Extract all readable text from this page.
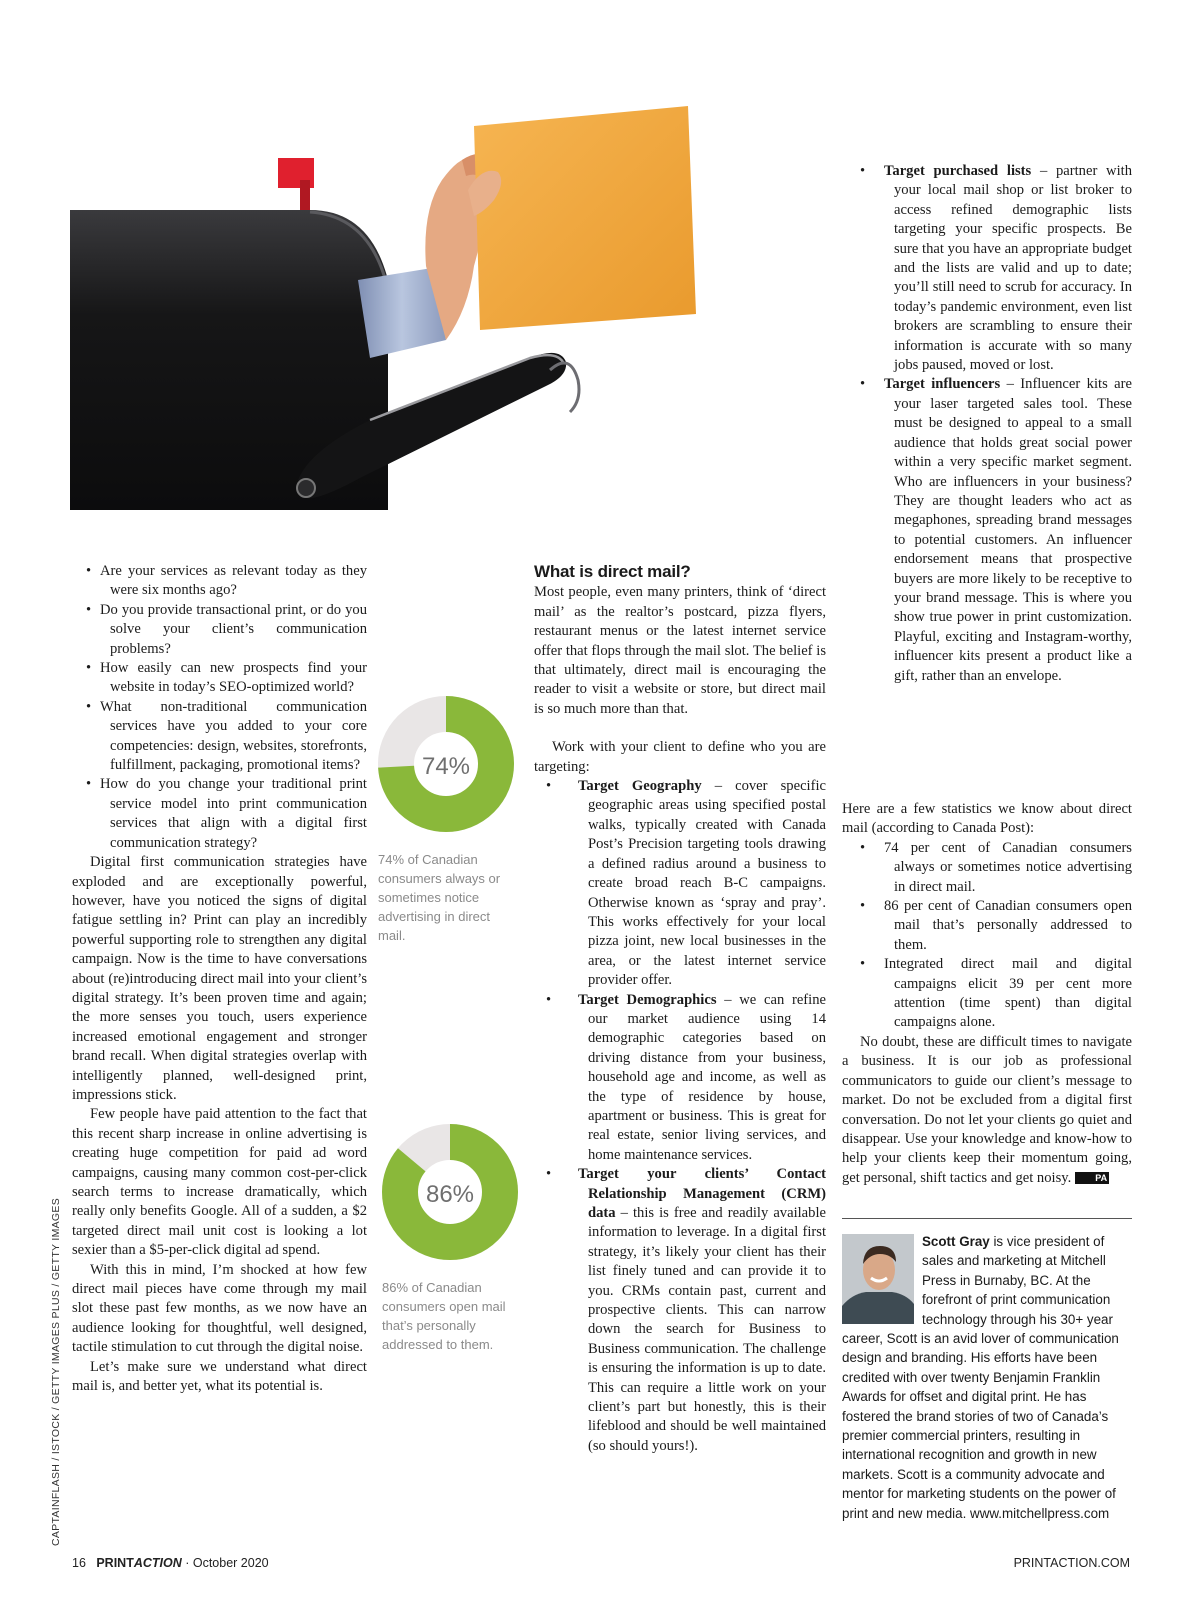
• Are your services as relevant today as they were six months ago?
• Do you provide transactional print, or do you solve your client’s communication problems?
• How easily can new prospects find your website in today’s SEO-optimized world?
• What non-traditional communication services have you added to your core competencies: design, websites, storefronts, fulfillment, packaging, promotional items?
• How do you change your traditional print service model into print communication services that align with a digital first communication strategy?

Digital first communication strategies have exploded and are exceptionally powerful, however, have you noticed the signs of digital fatigue settling in? Print can play an incredibly powerful supporting role to strengthen any digital campaign. Now is the time to have conversations about (re)introducing direct mail into your client’s digital strategy. It’s been proven time and again; the more senses you touch, users experience increased emotional engagement and stronger brand recall. When digital strategies overlap with intelligently planned, well-designed print, impressions stick.

Few people have paid attention to the fact that this recent sharp increase in online advertising is creating huge competition for paid ad word campaigns, causing many common cost-per-click search terms to increase dramatically, which really only benefits Google. All of a sudden, a $2 targeted direct mail unit cost is looking a lot sexier than a $5-per-click digital ad spend.

With this in mind, I’m shocked at how few direct mail pieces have come through my mail slot these past few months, as we now have an audience looking for thoughtful, well designed, tactile stimulation to cut through the digital noise.

Let’s make sure we understand what direct mail is, and better yet, what its potential is.

74%
74% of Canadian consumers always or sometimes notice advertising in direct mail.
86%
86% of Canadian consumers open mail that’s personally addressed to them.
What is direct mail?

Most people, even many printers, think of ‘direct mail’ as the realtor’s postcard, pizza flyers, restaurant menus or the latest internet service offer that flops through the mail slot. The belief is that ultimately, direct mail is encouraging the reader to visit a website or store, but direct mail is so much more than that.

Work with your client to define who you are targeting:

• Target Geography – cover specific geographic areas using specified postal walks, typically created with Canada Post’s Precision targeting tools drawing a defined radius around a business to create broad reach B-C campaigns. Otherwise known as ‘spray and pray’. This works effectively for your local pizza joint, new local businesses in the area, or the latest internet service provider offer.
• Target Demographics – we can refine our market audience using 14 demographic categories based on driving distance from your business, household age and income, as well as the type of residence by house, apartment or business. This is great for real estate, senior living services, and home maintenance services.
• Target your clients’ Contact Relationship Management (CRM) data – this is free and readily available information to leverage. In a digital first strategy, it’s likely your client has their list finely tuned and can provide it to you. CRMs contain past, current and prospective clients. This can narrow down the search for Business to Business communication. The challenge is ensuring the information is up to date. This can require a little work on your client’s part but honestly, this is their lifeblood and should be well maintained (so should yours!).
• Target purchased lists – partner with your local mail shop or list broker to access refined demographic lists targeting your specific prospects. Be sure that you have an appropriate budget and the lists are valid and up to date; you’ll still need to scrub for accuracy. In today’s pandemic environment, even list brokers are scrambling to ensure their information is accurate with so many jobs paused, moved or lost.
• Target influencers – Influencer kits are your laser targeted sales tool. These must be designed to appeal to a small audience that holds great social power within a very specific market segment. Who are influencers in your business? They are thought leaders who act as megaphones, spreading brand messages to potential customers. An influencer endorsement means that prospective buyers are more likely to be receptive to your brand message. This is where you show true power in print customization. Playful, exciting and Instagram-worthy, influencer kits present a product like a gift, rather than an envelope.

Here are a few statistics we know about direct mail (according to Canada Post):

• 74 per cent of Canadian consumers always or sometimes notice advertising in direct mail.
• 86 per cent of Canadian consumers open mail that’s personally addressed to them.
• Integrated direct mail and digital campaigns elicit 39 per cent more attention (time spent) than digital campaigns alone.

No doubt, these are difficult times to navigate a business. It is our job as professional communicators to guide our client’s message to market. Do not be excluded from a digital first conversation. Do not let your clients go quiet and disappear. Use your knowledge and know-how to help your clients keep their momentum going, get personal, shift tactics and get noisy.	PA

Scott Gray is vice president of sales and marketing at Mitchell Press in Burnaby, BC. At the forefront of print communication technology through his 30+ year career, Scott is an avid lover of communication design and branding. His efforts have been credited with over twenty Benjamin Franklin Awards for offset and digital print. He has fostered the brand stories of two of Canada’s premier commercial printers, resulting in international recognition and growth in new markets. Scott is a community advocate and mentor for marketing students on the power of print and new media. www.mitchellpress.com
CAPTAINFLASH / ISTOCK / GETTY IMAGES PLUS / GETTY IMAGES
16 PRINTACTION · October 2020	PRINTACTION.COM
